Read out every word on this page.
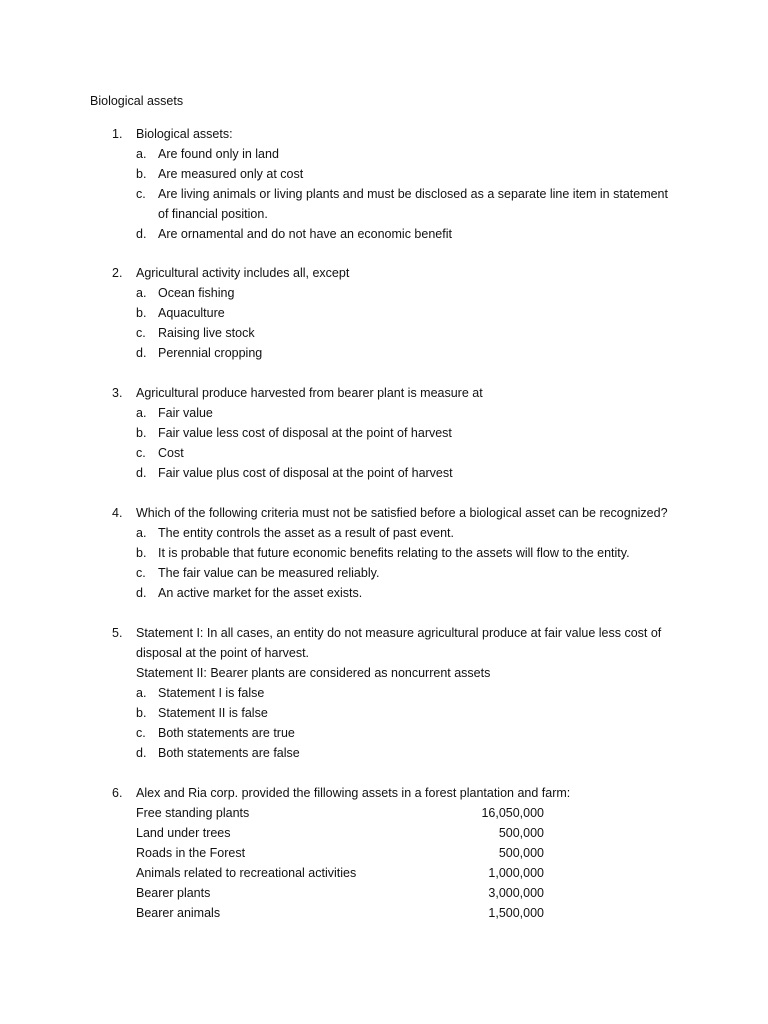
Biological assets
1. Biological assets:
a. Are found only in land
b. Are measured only at cost
c. Are living animals or living plants and must be disclosed as a separate line item in statement
of financial position.
d. Are ornamental and do not have an economic benefit
2. Agricultural activity includes all, except
a. Ocean fishing
b. Aquaculture
c. Raising live stock
d. Perennial cropping
3. Agricultural produce harvested from bearer plant is measure at
a. Fair value
b. Fair value less cost of disposal at the point of harvest
c. Cost
d. Fair value plus cost of disposal at the point of harvest
4. Which of the following criteria must not be satisfied before a biological asset can be recognized?
a. The entity controls the asset as a result of past event.
b. It is probable that future economic benefits relating to the assets will flow to the entity.
c. The fair value can be measured reliably.
d. An active market for the asset exists.
5. Statement I: In all cases, an entity do not measure agricultural produce at fair value less cost of
disposal at the point of harvest.
Statement II: Bearer plants are considered as noncurrent assets
a. Statement I is false
b. Statement II is false
c. Both statements are true
d. Both statements are false
6. Alex and Ria corp. provided the fillowing assets in a forest plantation and farm:
Free standing plants	16,050,000
Land under trees	500,000
Roads in the Forest	500,000
Animals related to recreational activities	1,000,000
Bearer plants	3,000,000
Bearer animals	1,500,000
